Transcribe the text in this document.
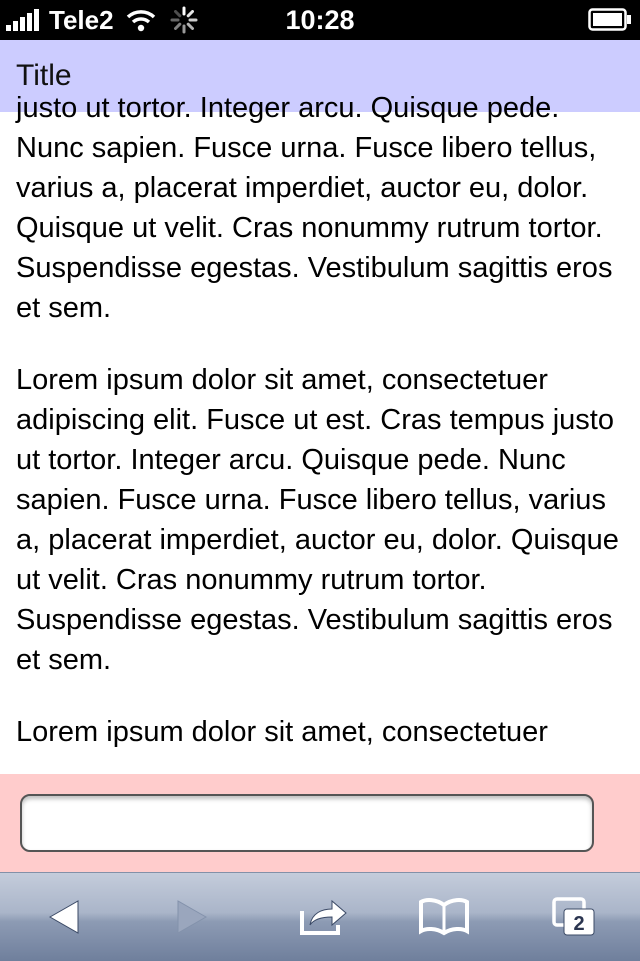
Tele2	10:28
Title

justo ut tortor. Integer arcu. Quisque pede. Nunc sapien. Fusce urna. Fusce libero tellus, varius a, placerat imperdiet, auctor eu, dolor. Quisque ut velit. Cras nonummy rutrum tortor. Suspendisse egestas. Vestibulum sagittis eros et sem.

Lorem ipsum dolor sit amet, consectetuer adipiscing elit. Fusce ut est. Cras tempus justo ut tortor. Integer arcu. Quisque pede. Nunc sapien. Fusce urna. Fusce libero tellus, varius a, placerat imperdiet, auctor eu, dolor. Quisque ut velit. Cras nonummy rutrum tortor. Suspendisse egestas. Vestibulum sagittis eros et sem.

Lorem ipsum dolor sit amet, consectetuer

2
